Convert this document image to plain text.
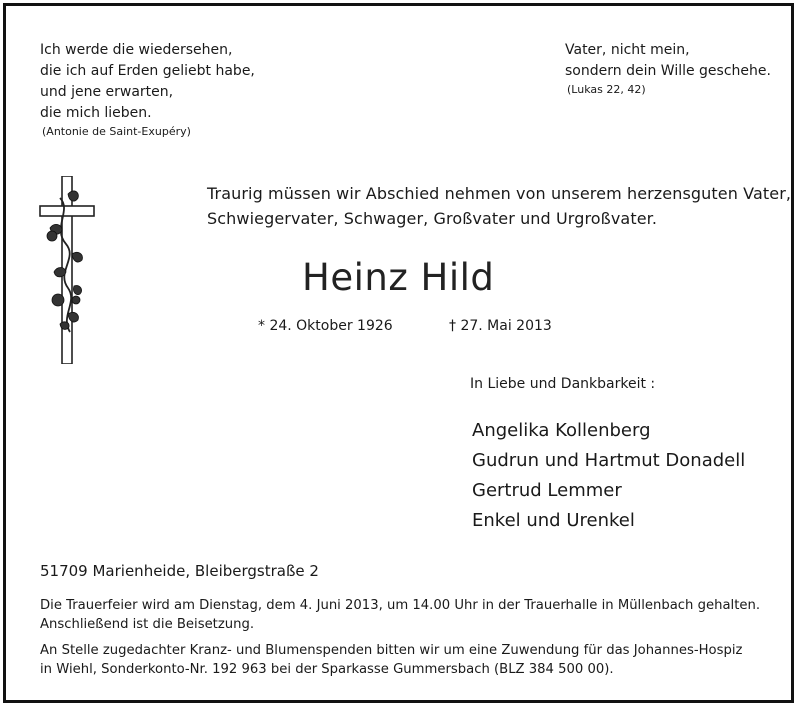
Ich werde die wiedersehen,
die ich auf Erden geliebt habe,
und jene erwarten,
die mich lieben.
(Antonie de Saint-Exupéry)
Vater, nicht mein,
sondern dein Wille geschehe.
(Lukas 22, 42)
Traurig müssen wir Abschied nehmen von unserem herzensguten Vater,
Schwiegervater, Schwager, Großvater und Urgroßvater.
Heinz Hild
* 24. Oktober 1926	† 27. Mai 2013
In Liebe und Dankbarkeit :
Angelika Kollenberg
Gudrun und Hartmut Donadell
Gertrud Lemmer
Enkel und Urenkel
51709 Marienheide, Bleibergstraße 2
Die Trauerfeier wird am Dienstag, dem 4. Juni 2013, um 14.00 Uhr in der Trauerhalle in Müllenbach gehalten.
Anschließend ist die Beisetzung.
An Stelle zugedachter Kranz- und Blumenspenden bitten wir um eine Zuwendung für das Johannes-Hospiz
in Wiehl, Sonderkonto-Nr. 192 963 bei der Sparkasse Gummersbach (BLZ 384 500 00).
